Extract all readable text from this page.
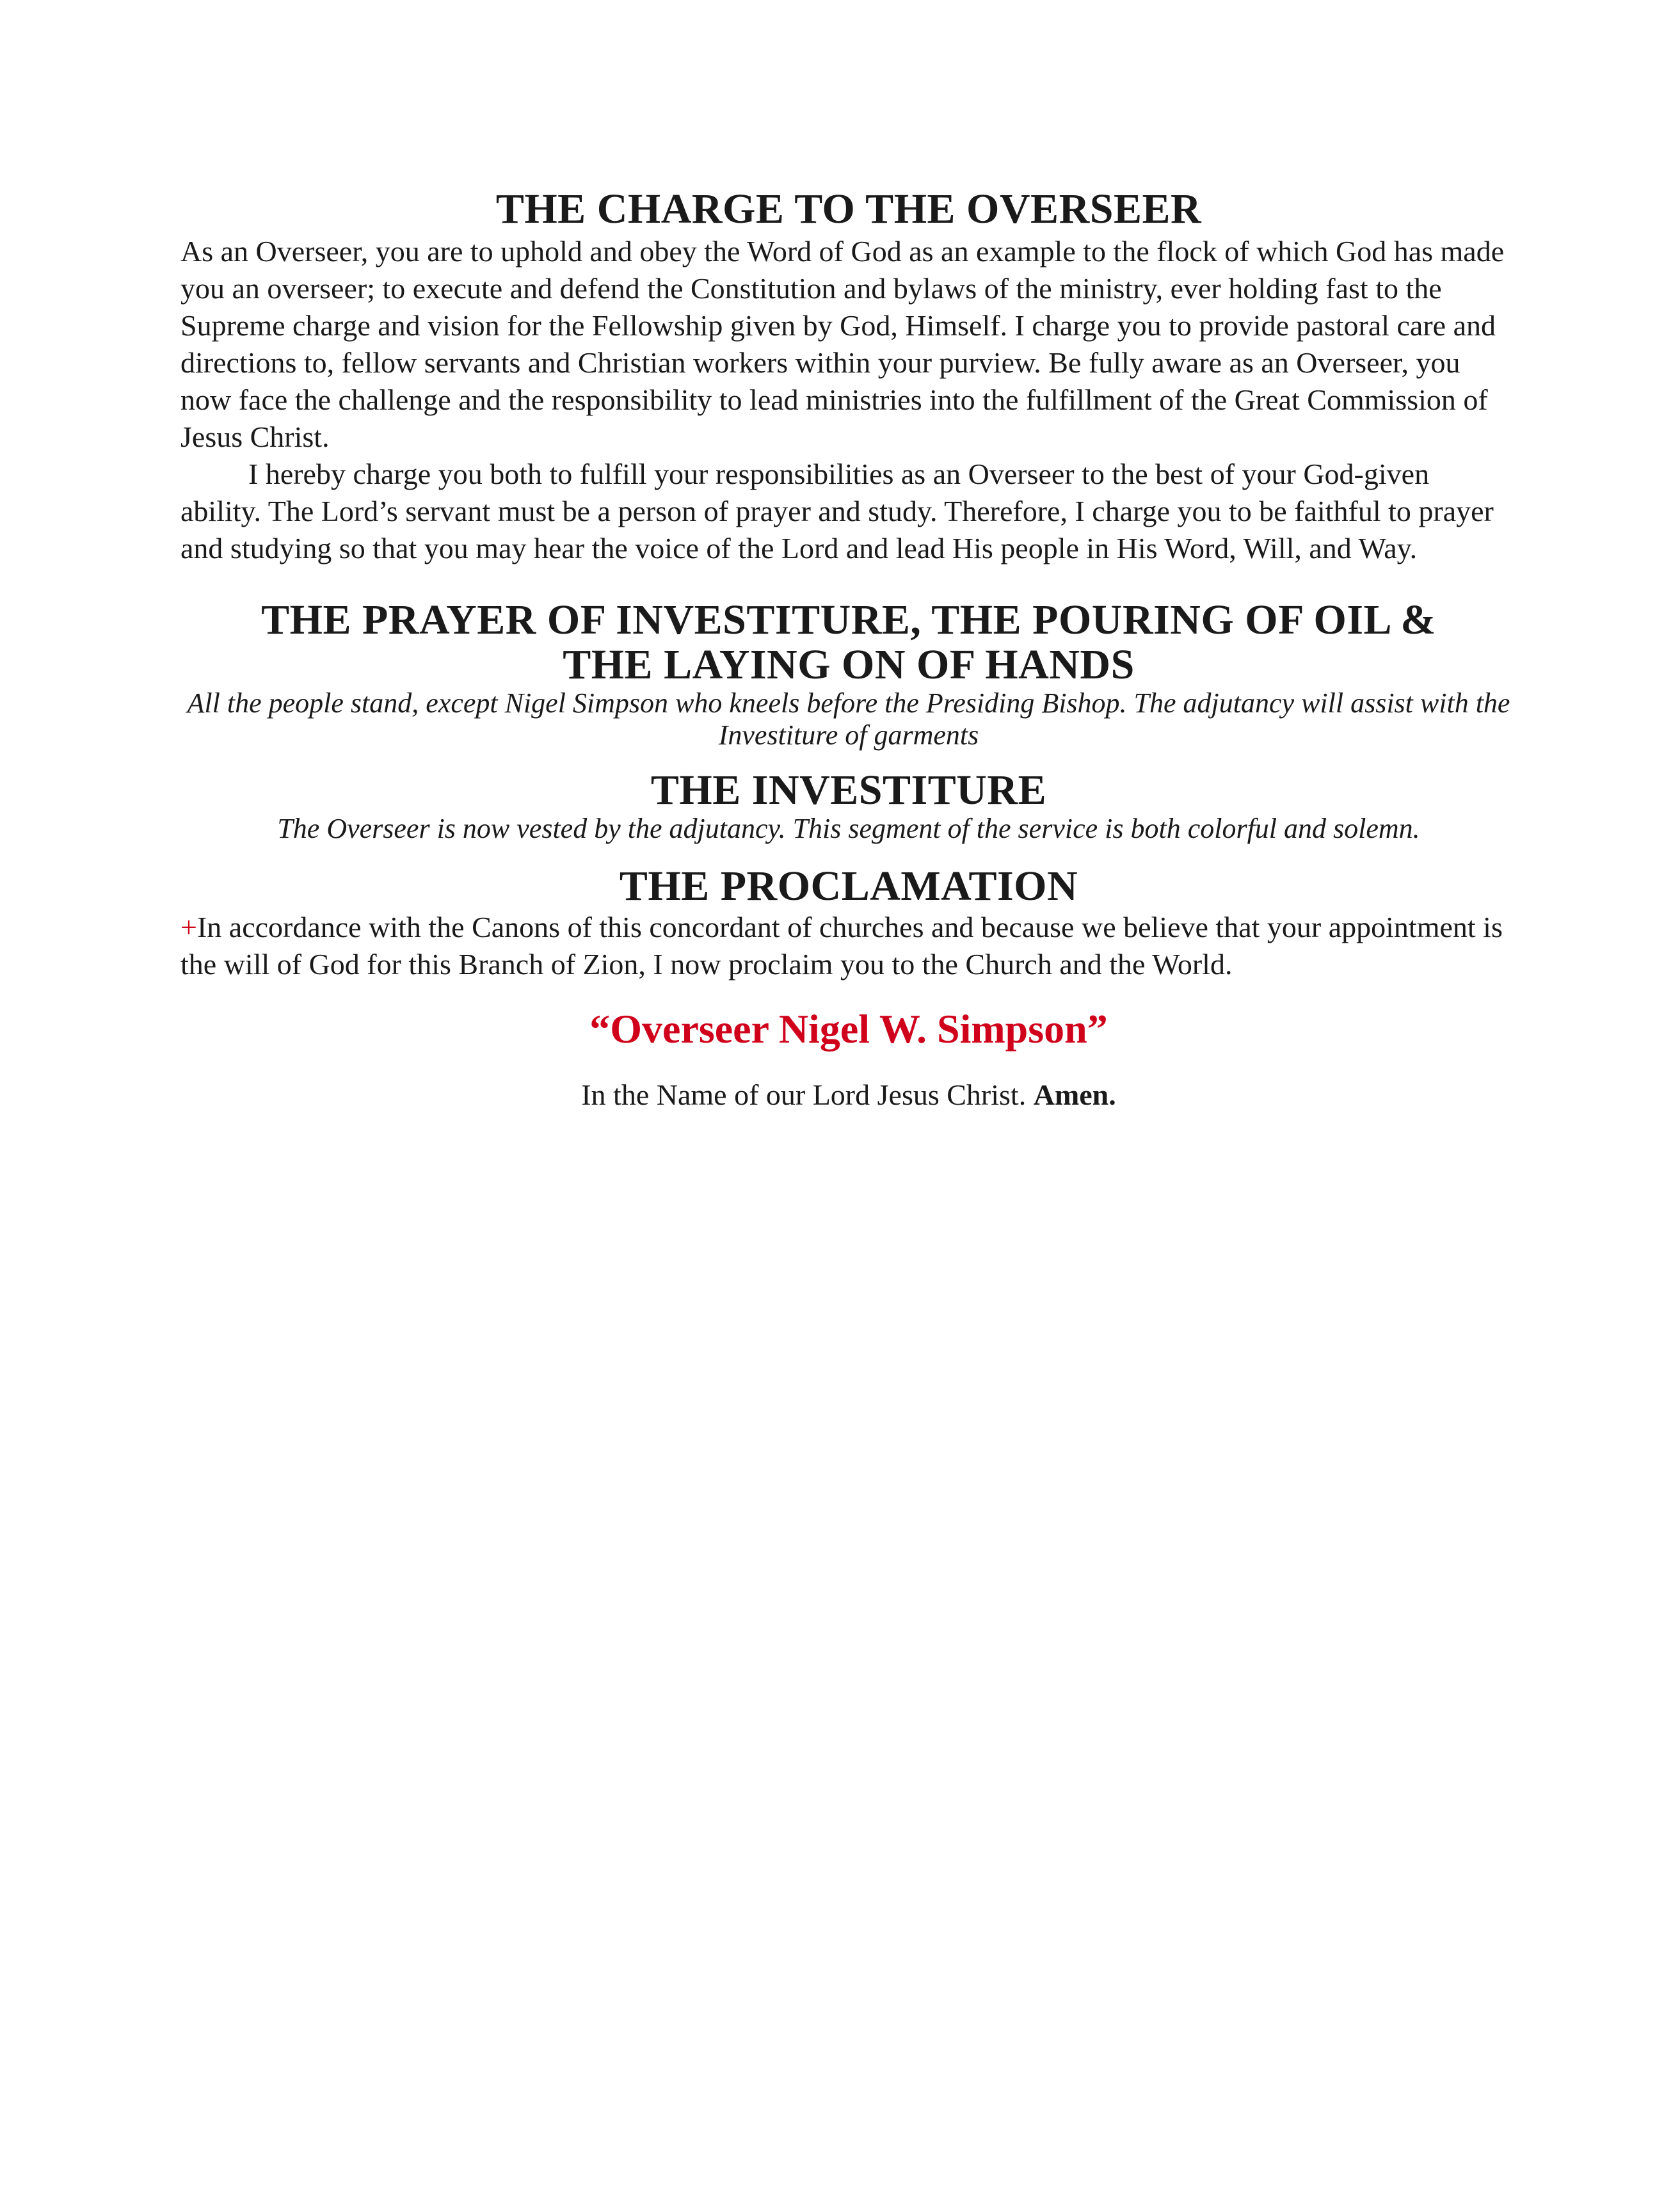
THE CHARGE TO THE OVERSEER

As an Overseer, you are to uphold and obey the Word of God as an example to the flock of which God has made you an overseer; to execute and defend the Constitution and bylaws of the ministry, ever holding fast to the Supreme charge and vision for the Fellowship given by God, Himself. I charge you to provide pastoral care and directions to, fellow servants and Christian workers within your purview. Be fully aware as an Overseer, you now face the challenge and the responsibility to lead ministries into the fulfillment of the Great Commission of Jesus Christ.

I hereby charge you both to fulfill your responsibilities as an Overseer to the best of your God-given ability. The Lord’s servant must be a person of prayer and study. Therefore, I charge you to be faithful to prayer and studying so that you may hear the voice of the Lord and lead His people in His Word, Will, and Way.

THE PRAYER OF INVESTITURE, THE POURING OF OIL &
THE LAYING ON OF HANDS

All the people stand, except Nigel Simpson who kneels before the Presiding Bishop. The adjutancy will assist with the Investiture of garments

THE INVESTITURE

The Overseer is now vested by the adjutancy. This segment of the service is both colorful and solemn.

THE PROCLAMATION

+In accordance with the Canons of this concordant of churches and because we believe that your appointment is the will of God for this Branch of Zion, I now proclaim you to the Church and the World.

“Overseer Nigel W. Simpson”

In the Name of our Lord Jesus Christ. Amen.
